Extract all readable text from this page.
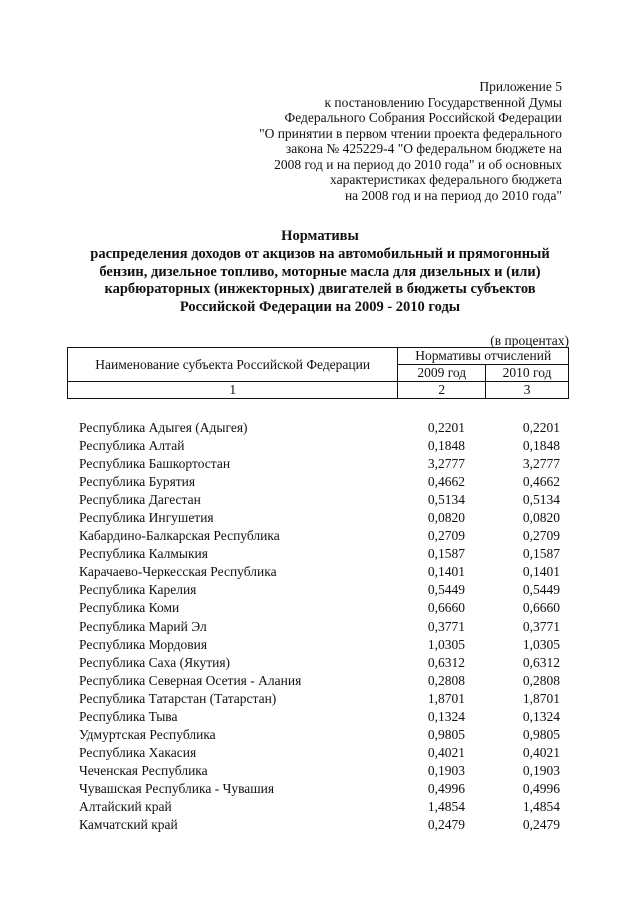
Приложение 5
к постановлению Государственной Думы
Федерального Собрания Российской Федерации
"О принятии в первом чтении проекта федерального
закона № 425229-4 "О федеральном бюджете на
2008 год и на период до 2010 года" и об основных
характеристиках федерального бюджета
на 2008 год и на период до 2010 года"
Нормативы
распределения доходов от акцизов на автомобильный и прямогонный
бензин, дизельное топливо, моторные масла для дизельных и (или)
карбюраторных (инжекторных) двигателей в бюджеты субъектов
Российской Федерации на 2009 - 2010 годы
(в процентах)
Наименование субъекта Российской Федерации	Нормативы отчислений	
	2009 год	2010 год
1	2	3
Республика Адыгея (Адыгея)	0,2201	0,2201
Республика Алтай	0,1848	0,1848
Республика Башкортостан	3,2777	3,2777
Республика Бурятия	0,4662	0,4662
Республика Дагестан	0,5134	0,5134
Республика Ингушетия	0,0820	0,0820
Кабардино-Балкарская Республика	0,2709	0,2709
Республика Калмыкия	0,1587	0,1587
Карачаево-Черкесская Республика	0,1401	0,1401
Республика Карелия	0,5449	0,5449
Республика Коми	0,6660	0,6660
Республика Марий Эл	0,3771	0,3771
Республика Мордовия	1,0305	1,0305
Республика Саха (Якутия)	0,6312	0,6312
Республика Северная Осетия - Алания	0,2808	0,2808
Республика Татарстан (Татарстан)	1,8701	1,8701
Республика Тыва	0,1324	0,1324
Удмуртская Республика	0,9805	0,9805
Республика Хакасия	0,4021	0,4021
Чеченская Республика	0,1903	0,1903
Чувашская Республика - Чувашия	0,4996	0,4996
Алтайский край	1,4854	1,4854
Камчатский край	0,2479	0,2479
